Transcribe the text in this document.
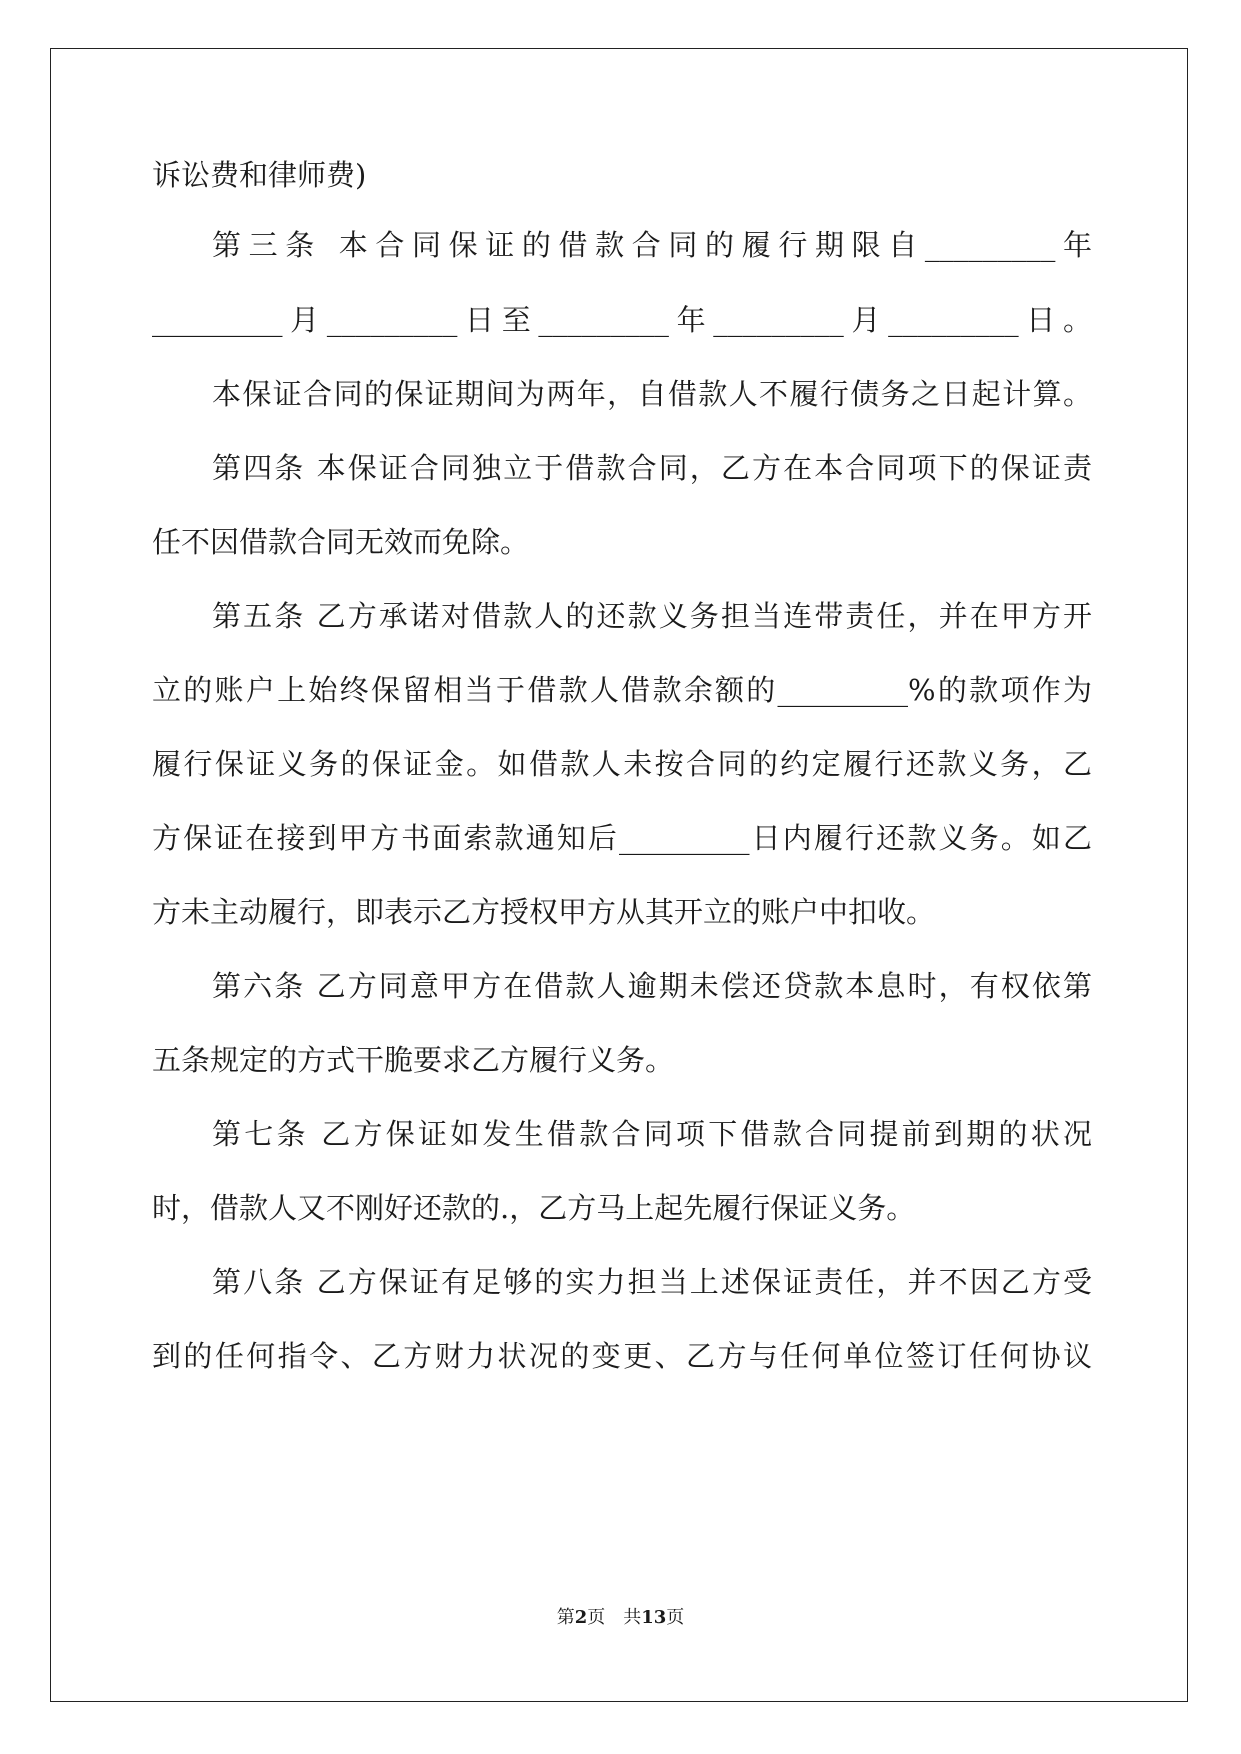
诉讼费和律师费)
第三条 本合同保证的借款合同的履行期限自_________年
_________月_________日至_________年_________月_________日。
本保证合同的保证期间为两年，自借款人不履行债务之日起计算。
第四条 本保证合同独立于借款合同，乙方在本合同项下的保证责
任不因借款合同无效而免除。
第五条 乙方承诺对借款人的还款义务担当连带责任，并在甲方开
立的账户上始终保留相当于借款人借款余额的_________%的款项作为
履行保证义务的保证金。如借款人未按合同的约定履行还款义务，乙
方保证在接到甲方书面索款通知后_________日内履行还款义务。如乙
方未主动履行，即表示乙方授权甲方从其开立的账户中扣收。
第六条 乙方同意甲方在借款人逾期未偿还贷款本息时，有权依第
五条规定的方式干脆要求乙方履行义务。
第七条 乙方保证如发生借款合同项下借款合同提前到期的状况
时，借款人又不刚好还款的.，乙方马上起先履行保证义务。
第八条 乙方保证有足够的实力担当上述保证责任，并不因乙方受
到的任何指令、乙方财力状况的变更、乙方与任何单位签订任何协议
第2页　共13页
